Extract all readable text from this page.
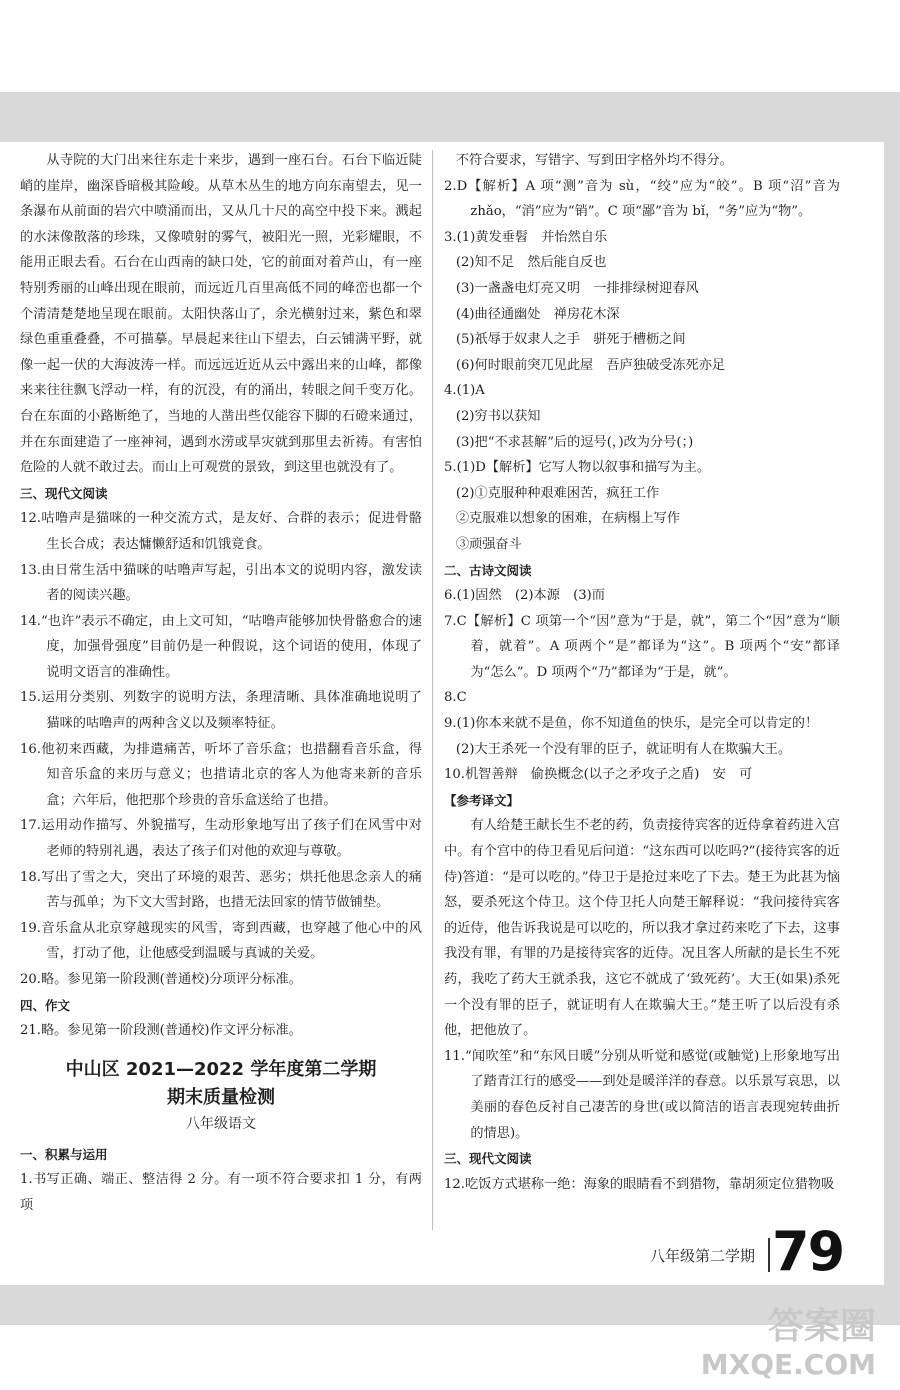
从寺院的大门出来往东走十来步，遇到一座石台。石台下临近陡峭的崖岸，幽深昏暗极其险峻。从草木丛生的地方向东南望去，见一条瀑布从前面的岩穴中喷涌而出，又从几十尺的高空中投下来。溅起的水沫像散落的珍珠，又像喷射的雾气，被阳光一照，光彩耀眼，不能用正眼去看。石台在山西南的缺口处，它的前面对着芦山，有一座特别秀丽的山峰出现在眼前，而远近几百里高低不同的峰峦也都一个个清清楚楚地呈现在眼前。太阳快落山了，余光横射过来，紫色和翠绿色重重叠叠，不可描摹。早晨起来往山下望去，白云铺满平野，就像一起一伏的大海波涛一样。而远远近近从云中露出来的山峰，都像来来往往飘飞浮动一样，有的沉没，有的涌出，转眼之间千变万化。台在东面的小路断绝了，当地的人凿出些仅能容下脚的石磴来通过，并在东面建造了一座神祠，遇到水涝或旱灾就到那里去祈祷。有害怕危险的人就不敢过去。而山上可观赏的景致，到这里也就没有了。

三、现代文阅读

12.咕噜声是猫咪的一种交流方式，是友好、合群的表示；促进骨骼生长合成；表达慵懒舒适和饥饿竟食。

13.由日常生活中猫咪的咕噜声写起，引出本文的说明内容，激发读者的阅读兴趣。

14.“也许”表示不确定，由上文可知，“咕噜声能够加快骨骼愈合的速度，加强骨强度”目前仍是一种假说，这个词语的使用，体现了说明文语言的准确性。

15.运用分类别、列数字的说明方法，条理清晰、具体准确地说明了猫咪的咕噜声的两种含义以及频率特征。

16.他初来西藏，为排遣痛苦，听坏了音乐盒；也措翻看音乐盒，得知音乐盒的来历与意义；也措请北京的客人为他寄来新的音乐盒；六年后，他把那个珍贵的音乐盒送给了也措。

17.运用动作描写、外貌描写，生动形象地写出了孩子们在风雪中对老师的特别礼遇，表达了孩子们对他的欢迎与尊敬。

18.写出了雪之大，突出了环境的艰苦、恶劣；烘托他思念亲人的痛苦与孤单；为下文大雪封路，也措无法回家的情节做铺垫。

19.音乐盒从北京穿越现实的风雪，寄到西藏，也穿越了他心中的风雪，打动了他，让他感受到温暖与真诚的关爱。

20.略。参见第一阶段测(普通校)分项评分标准。

四、作文

21.略。参见第一阶段测(普通校)作文评分标准。

中山区 2021—2022 学年度第二学期

期末质量检测

八年级语文

一、积累与运用

1.书写正确、端正、整洁得 2 分。有一项不符合要求扣 1 分，有两项

不符合要求，写错字、写到田字格外均不得分。

2.D【解析】A 项“测”音为 sù，“绞”应为“皎”。B 项“沼”音为 zhǎo，“消”应为“销”。C 项“鄙”音为 bǐ，“务”应为“物”。

3.(1)黄发垂髫　并怡然自乐

(2)知不足　然后能自反也

(3)一盏盏电灯亮又明　一排排绿树迎春风

(4)曲径通幽处　禅房花木深

(5)祇辱于奴隶人之手　骈死于槽枥之间

(6)何时眼前突兀见此屋　吾庐独破受冻死亦足

4.(1)A

(2)穷书以获知

(3)把“不求甚解”后的逗号(，)改为分号(；)

5.(1)D【解析】它写人物以叙事和描写为主。

(2)①克服种种艰难困苦，疯狂工作

②克服难以想象的困难，在病榻上写作

③顽强奋斗

二、古诗文阅读

6.(1)固然　(2)本源　(3)而

7.C【解析】C 项第一个“因”意为“于是，就”，第二个“因”意为“顺着，就着”。A 项两个“是”都译为“这”。B 项两个“安”都译为“怎么”。D 项两个“乃”都译为“于是，就”。

8.C

9.(1)你本来就不是鱼，你不知道鱼的快乐，是完全可以肯定的！

(2)大王杀死一个没有罪的臣子，就证明有人在欺骗大王。

10.机智善辩　偷换概念(以子之矛攻子之盾)　安　可

【参考译文】

有人给楚王献长生不老的药，负责接待宾客的近侍拿着药进入宫中。有个宫中的侍卫看见后问道：“这东西可以吃吗?”(接待宾客的近侍)答道：“是可以吃的。”侍卫于是抢过来吃了下去。楚王为此甚为恼怒，要杀死这个侍卫。这个侍卫托人向楚王解释说：“我问接待宾客的近侍，他告诉我说是可以吃的，所以我才拿过药来吃了下去，这事我没有罪，有罪的乃是接待宾客的近侍。况且客人所献的是长生不死药，我吃了药大王就杀我，这它不就成了‘致死药’。大王(如果)杀死一个没有罪的臣子，就证明有人在欺骗大王。”楚王听了以后没有杀他，把他放了。

11.“闻吹笙”和“东风日暖”分别从听觉和感觉(或触觉)上形象地写出了踏青江行的感受——到处是暖洋洋的春意。以乐景写哀思，以美丽的春色反衬自己凄苦的身世(或以简洁的语言表现宛转曲折的情思)。

三、现代文阅读

12.吃饭方式堪称一绝：海象的眼睛看不到猎物，靠胡须定位猎物吸

八年级第二学期 79
答案圈
MXQE.COM
